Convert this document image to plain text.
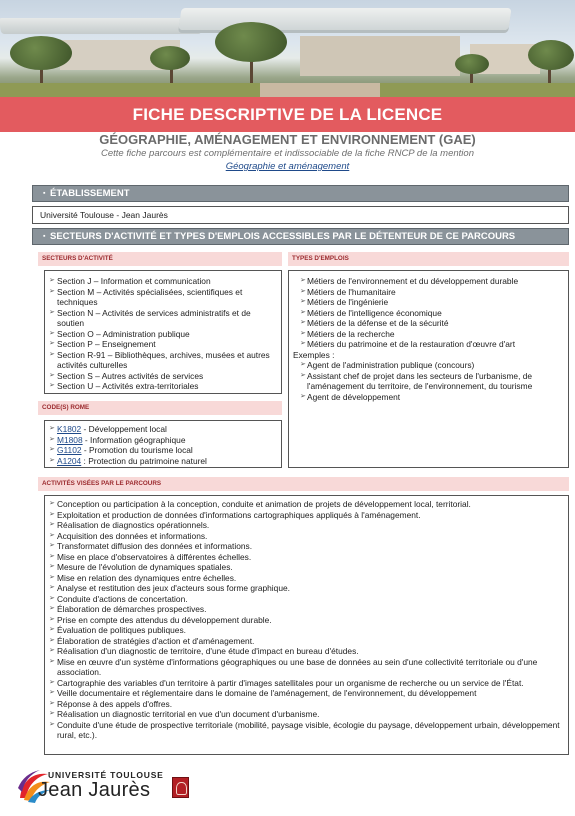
FICHE DESCRIPTIVE DE LA LICENCE
GÉOGRAPHIE, AMÉNAGEMENT ET ENVIRONNEMENT (GAE)
Cette fiche parcours est complémentaire et indissociable de la fiche RNCP de la mention
Géographie et aménagement
▪ ÉTABLISSEMENT
Université Toulouse - Jean Jaurès
▪ SECTEURS D'ACTIVITÉ ET TYPES D'EMPLOIS ACCESSIBLES PAR LE DÉTENTEUR DE CE PARCOURS
SECTEURS D'ACTIVITÉ
➢ Section J – Information et communication
➢ Section M – Activités spécialisées, scientifiques et techniques
➢ Section N – Activités de services administratifs et de soutien
➢ Section O – Administration publique
➢ Section P – Enseignement
➢ Section R-91 – Bibliothèques, archives, musées et autres activités culturelles
➢ Section S – Autres activités de services
➢ Section U – Activités extra-territoriales
TYPES D'EMPLOIS
➢ Métiers de l'environnement et du développement durable
➢ Métiers de l'humanitaire
➢ Métiers de l'ingénierie
➢ Métiers de l'intelligence économique
➢ Métiers de la défense et de la sécurité
➢ Métiers de la recherche
➢ Métiers du patrimoine et de la restauration d'œuvre d'art
Exemples :
➢ Agent de l'administration publique (concours)
➢ Assistant chef de projet dans les secteurs de l'urbanisme, de l'aménagement du territoire, de l'environnement, du tourisme
➢ Agent de développement
CODE(S) ROME
➢ K1802 - Développement local
➢ M1808 - Information géographique
➢ G1102 - Promotion du tourisme local
➢ A1204 : Protection du patrimoine naturel
ACTIVITÉS VISÉES PAR LE PARCOURS
➢ Conception ou participation à la conception, conduite et animation de projets de développement local, territorial.
➢ Exploitation et production de données d'informations cartographiques appliqués à l'aménagement.
➢ Réalisation de diagnostics opérationnels.
➢ Acquisition des données et informations.
➢ Transformatet diffusion des données et informations.
➢ Mise en place d'observatoires à différentes échelles.
➢ Mesure de l'évolution de dynamiques spatiales.
➢ Mise en relation des dynamiques entre échelles.
➢ Analyse et restitution des jeux d'acteurs sous forme graphique.
➢ Conduite d'actions de concertation.
➢ Élaboration de démarches prospectives.
➢ Prise en compte des attendus du développement durable.
➢ Évaluation de politiques publiques.
➢ Élaboration de stratégies d'action et d'aménagement.
➢ Réalisation d'un diagnostic de territoire, d'une étude d'impact en bureau d'études.
➢ Mise en œuvre d'un système d'informations géographiques ou une base de données au sein d'une collectivité territoriale ou d'une association.
➢ Cartographie des variables d'un territoire à partir d'images satellitales pour un organisme de recherche ou un service de l'État.
➢ Veille documentaire et réglementaire dans le domaine de l'aménagement, de l'environnement, du développement
➢ Réponse à des appels d'offres.
➢ Réalisation un diagnostic territorial en vue d'un document d'urbanisme.
➢ Conduite d'une étude de prospective territoriale (mobilité, paysage visible, écologie du paysage, développement urbain, développement rural, etc.).
UNIVERSITÉ TOULOUSE
Jean Jaurès
